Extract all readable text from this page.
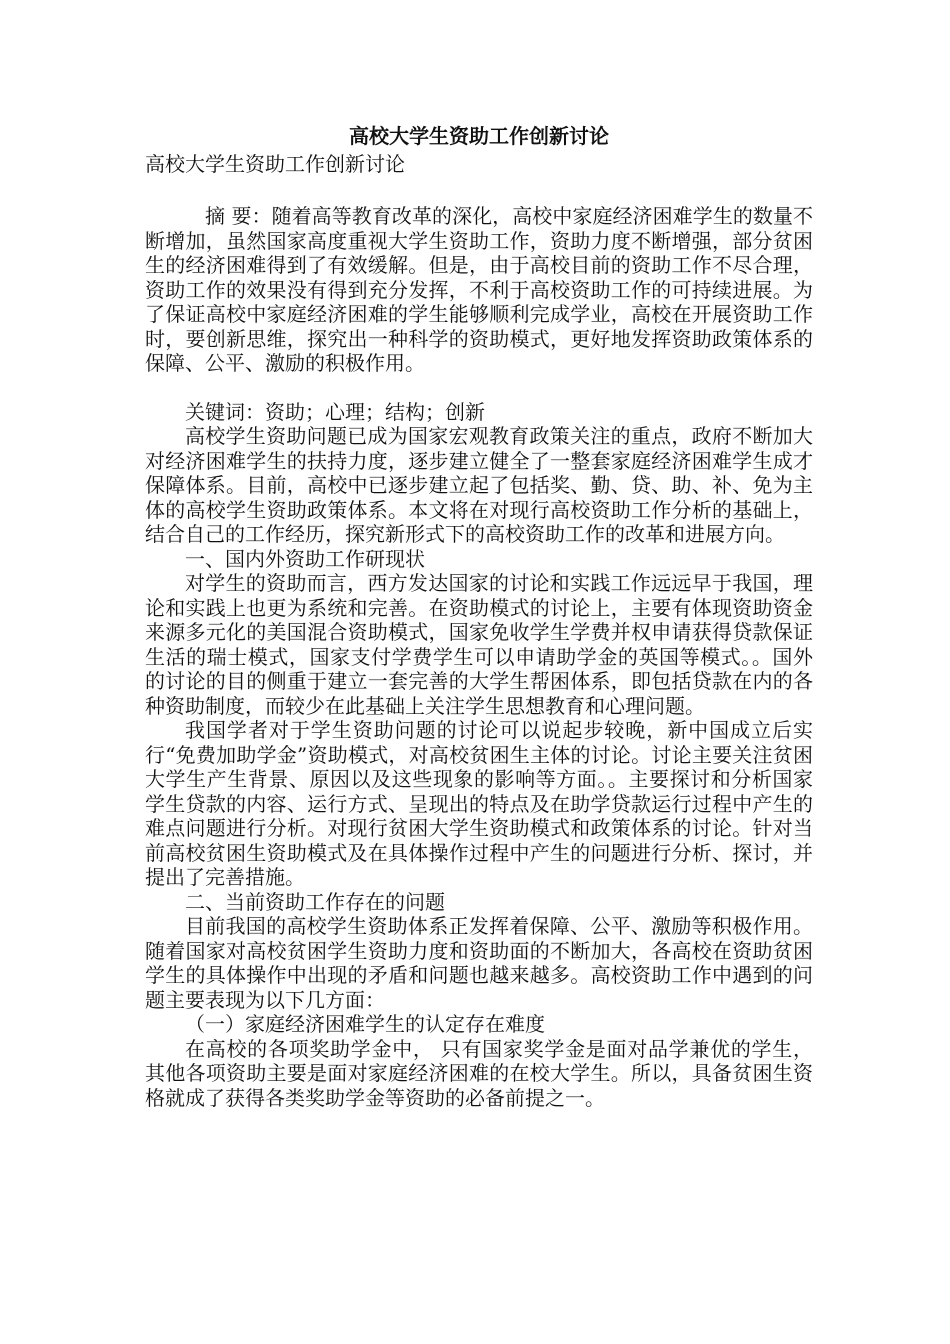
高校大学生资助工作创新讨论

高校大学生资助工作创新讨论

摘 要：随着高等教育改革的深化，高校中家庭经济困难学生的数量不断增加，虽然国家高度重视大学生资助工作，资助力度不断增强，部分贫困生的经济困难得到了有效缓解。但是，由于高校目前的资助工作不尽合理，资助工作的效果没有得到充分发挥，不利于高校资助工作的可持续进展。为了保证高校中家庭经济困难的学生能够顺利完成学业，高校在开展资助工作时，要创新思维，探究出一种科学的资助模式，更好地发挥资助政策体系的保障、公平、激励的积极作用。

关键词：资助；心理；结构；创新

高校学生资助问题已成为国家宏观教育政策关注的重点，政府不断加大对经济困难学生的扶持力度，逐步建立健全了一整套家庭经济困难学生成才保障体系。目前，高校中已逐步建立起了包括奖、勤、贷、助、补、免为主体的高校学生资助政策体系。本文将在对现行高校资助工作分析的基础上，结合自己的工作经历，探究新形式下的高校资助工作的改革和进展方向。

一、国内外资助工作研现状

对学生的资助而言，西方发达国家的讨论和实践工作远远早于我国，理论和实践上也更为系统和完善。在资助模式的讨论上，主要有体现资助资金来源多元化的美国混合资助模式，国家免收学生学费并权申请获得贷款保证生活的瑞士模式，国家支付学费学生可以申请助学金的英国等模式。。国外的讨论的目的侧重于建立一套完善的大学生帮困体系，即包括贷款在内的各种资助制度，而较少在此基础上关注学生思想教育和心理问题。

我国学者对于学生资助问题的讨论可以说起步较晚，新中国成立后实行“免费加助学金”资助模式，对高校贫困生主体的讨论。讨论主要关注贫困大学生产生背景、原因以及这些现象的影响等方面。。主要探讨和分析国家学生贷款的内容、运行方式、呈现出的特点及在助学贷款运行过程中产生的难点问题进行分析。对现行贫困大学生资助模式和政策体系的讨论。针对当前高校贫困生资助模式及在具体操作过程中产生的问题进行分析、探讨，并提出了完善措施。

二、当前资助工作存在的问题

目前我国的高校学生资助体系正发挥着保障、公平、激励等积极作用。随着国家对高校贫困学生资助力度和资助面的不断加大，各高校在资助贫困学生的具体操作中出现的矛盾和问题也越来越多。高校资助工作中遇到的问题主要表现为以下几方面：

（一）家庭经济困难学生的认定存在难度

在高校的各项奖助学金中， 只有国家奖学金是面对品学兼优的学生， 其他各项资助主要是面对家庭经济困难的在校大学生。所以，具备贫困生资格就成了获得各类奖助学金等资助的必备前提之一。
